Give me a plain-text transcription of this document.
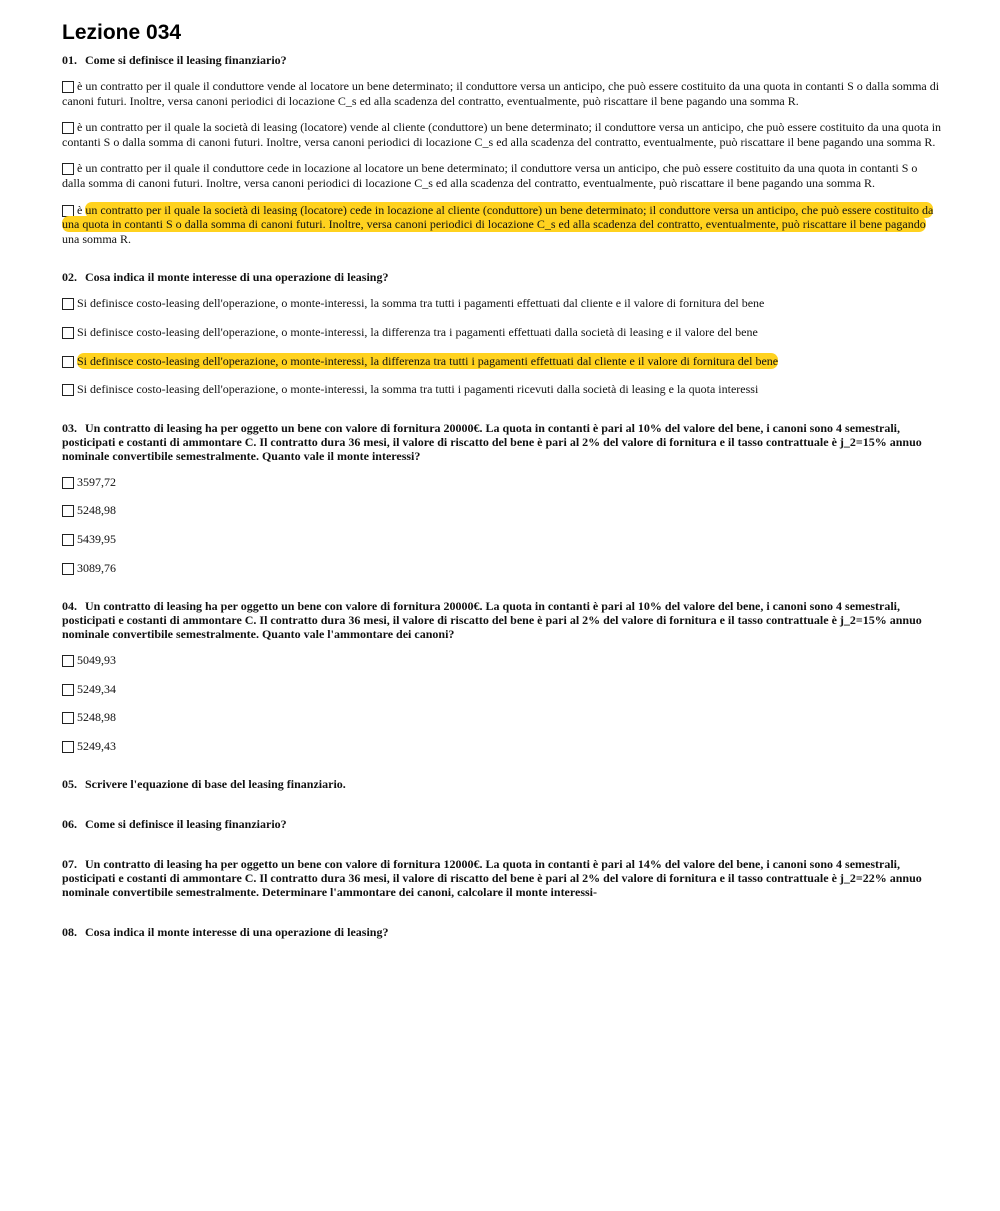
Lezione 034
01. Come si definisce il leasing finanziario?
è un contratto per il quale il conduttore vende al locatore un bene determinato; il conduttore versa un anticipo, che può essere costituito da una quota in contanti S o dalla somma di canoni futuri. Inoltre, versa canoni periodici di locazione C_s ed alla scadenza del contratto, eventualmente, può riscattare il bene pagando una somma R.
è un contratto per il quale la società di leasing (locatore) vende al cliente (conduttore) un bene determinato; il conduttore versa un anticipo, che può essere costituito da una quota in contanti S o dalla somma di canoni futuri. Inoltre, versa canoni periodici di locazione C_s ed alla scadenza del contratto, eventualmente, può riscattare il bene pagando una somma R.
è un contratto per il quale il conduttore cede in locazione al locatore un bene determinato; il conduttore versa un anticipo, che può essere costituito da una quota in contanti S o dalla somma di canoni futuri. Inoltre, versa canoni periodici di locazione C_s ed alla scadenza del contratto, eventualmente, può riscattare il bene pagando una somma R.
è un contratto per il quale la società di leasing (locatore) cede in locazione al cliente (conduttore) un bene determinato; il conduttore versa un anticipo, che può essere costituito da una quota in contanti S o dalla somma di canoni futuri. Inoltre, versa canoni periodici di locazione C_s ed alla scadenza del contratto, eventualmente, può riscattare il bene pagando una somma R.
02. Cosa indica il monte interesse di una operazione di leasing?
Si definisce costo-leasing dell'operazione, o monte-interessi, la somma tra tutti i pagamenti effettuati dal cliente e il valore di fornitura del bene
Si definisce costo-leasing dell'operazione, o monte-interessi, la differenza tra i pagamenti effettuati dalla società di leasing e il valore del bene
Si definisce costo-leasing dell'operazione, o monte-interessi, la differenza tra tutti i pagamenti effettuati dal cliente e il valore di fornitura del bene
Si definisce costo-leasing dell'operazione, o monte-interessi, la somma tra tutti i pagamenti ricevuti dalla società di leasing e la quota interessi
03. Un contratto di leasing ha per oggetto un bene con valore di fornitura 20000€. La quota in contanti è pari al 10% del valore del bene, i canoni sono 4 semestrali, posticipati e costanti di ammontare C. Il contratto dura 36 mesi, il valore di riscatto del bene è pari al 2% del valore di fornitura e il tasso contrattuale è j_2=15% annuo nominale convertibile semestralmente. Quanto vale il monte interessi?
3597,72
5248,98
5439,95
3089,76
04. Un contratto di leasing ha per oggetto un bene con valore di fornitura 20000€. La quota in contanti è pari al 10% del valore del bene, i canoni sono 4 semestrali, posticipati e costanti di ammontare C. Il contratto dura 36 mesi, il valore di riscatto del bene è pari al 2% del valore di fornitura e il tasso contrattuale è j_2=15% annuo nominale convertibile semestralmente. Quanto vale l'ammontare dei canoni?
5049,93
5249,34
5248,98
5249,43
05. Scrivere l'equazione di base del leasing finanziario.
06. Come si definisce il leasing finanziario?
07. Un contratto di leasing ha per oggetto un bene con valore di fornitura 12000€. La quota in contanti è pari al 14% del valore del bene, i canoni sono 4 semestrali, posticipati e costanti di ammontare C. Il contratto dura 36 mesi, il valore di riscatto del bene è pari al 2% del valore di fornitura e il tasso contrattuale è j_2=22% annuo nominale convertibile semestralmente. Determinare l'ammontare dei canoni, calcolare il monte interessi-
08. Cosa indica il monte interesse di una operazione di leasing?
